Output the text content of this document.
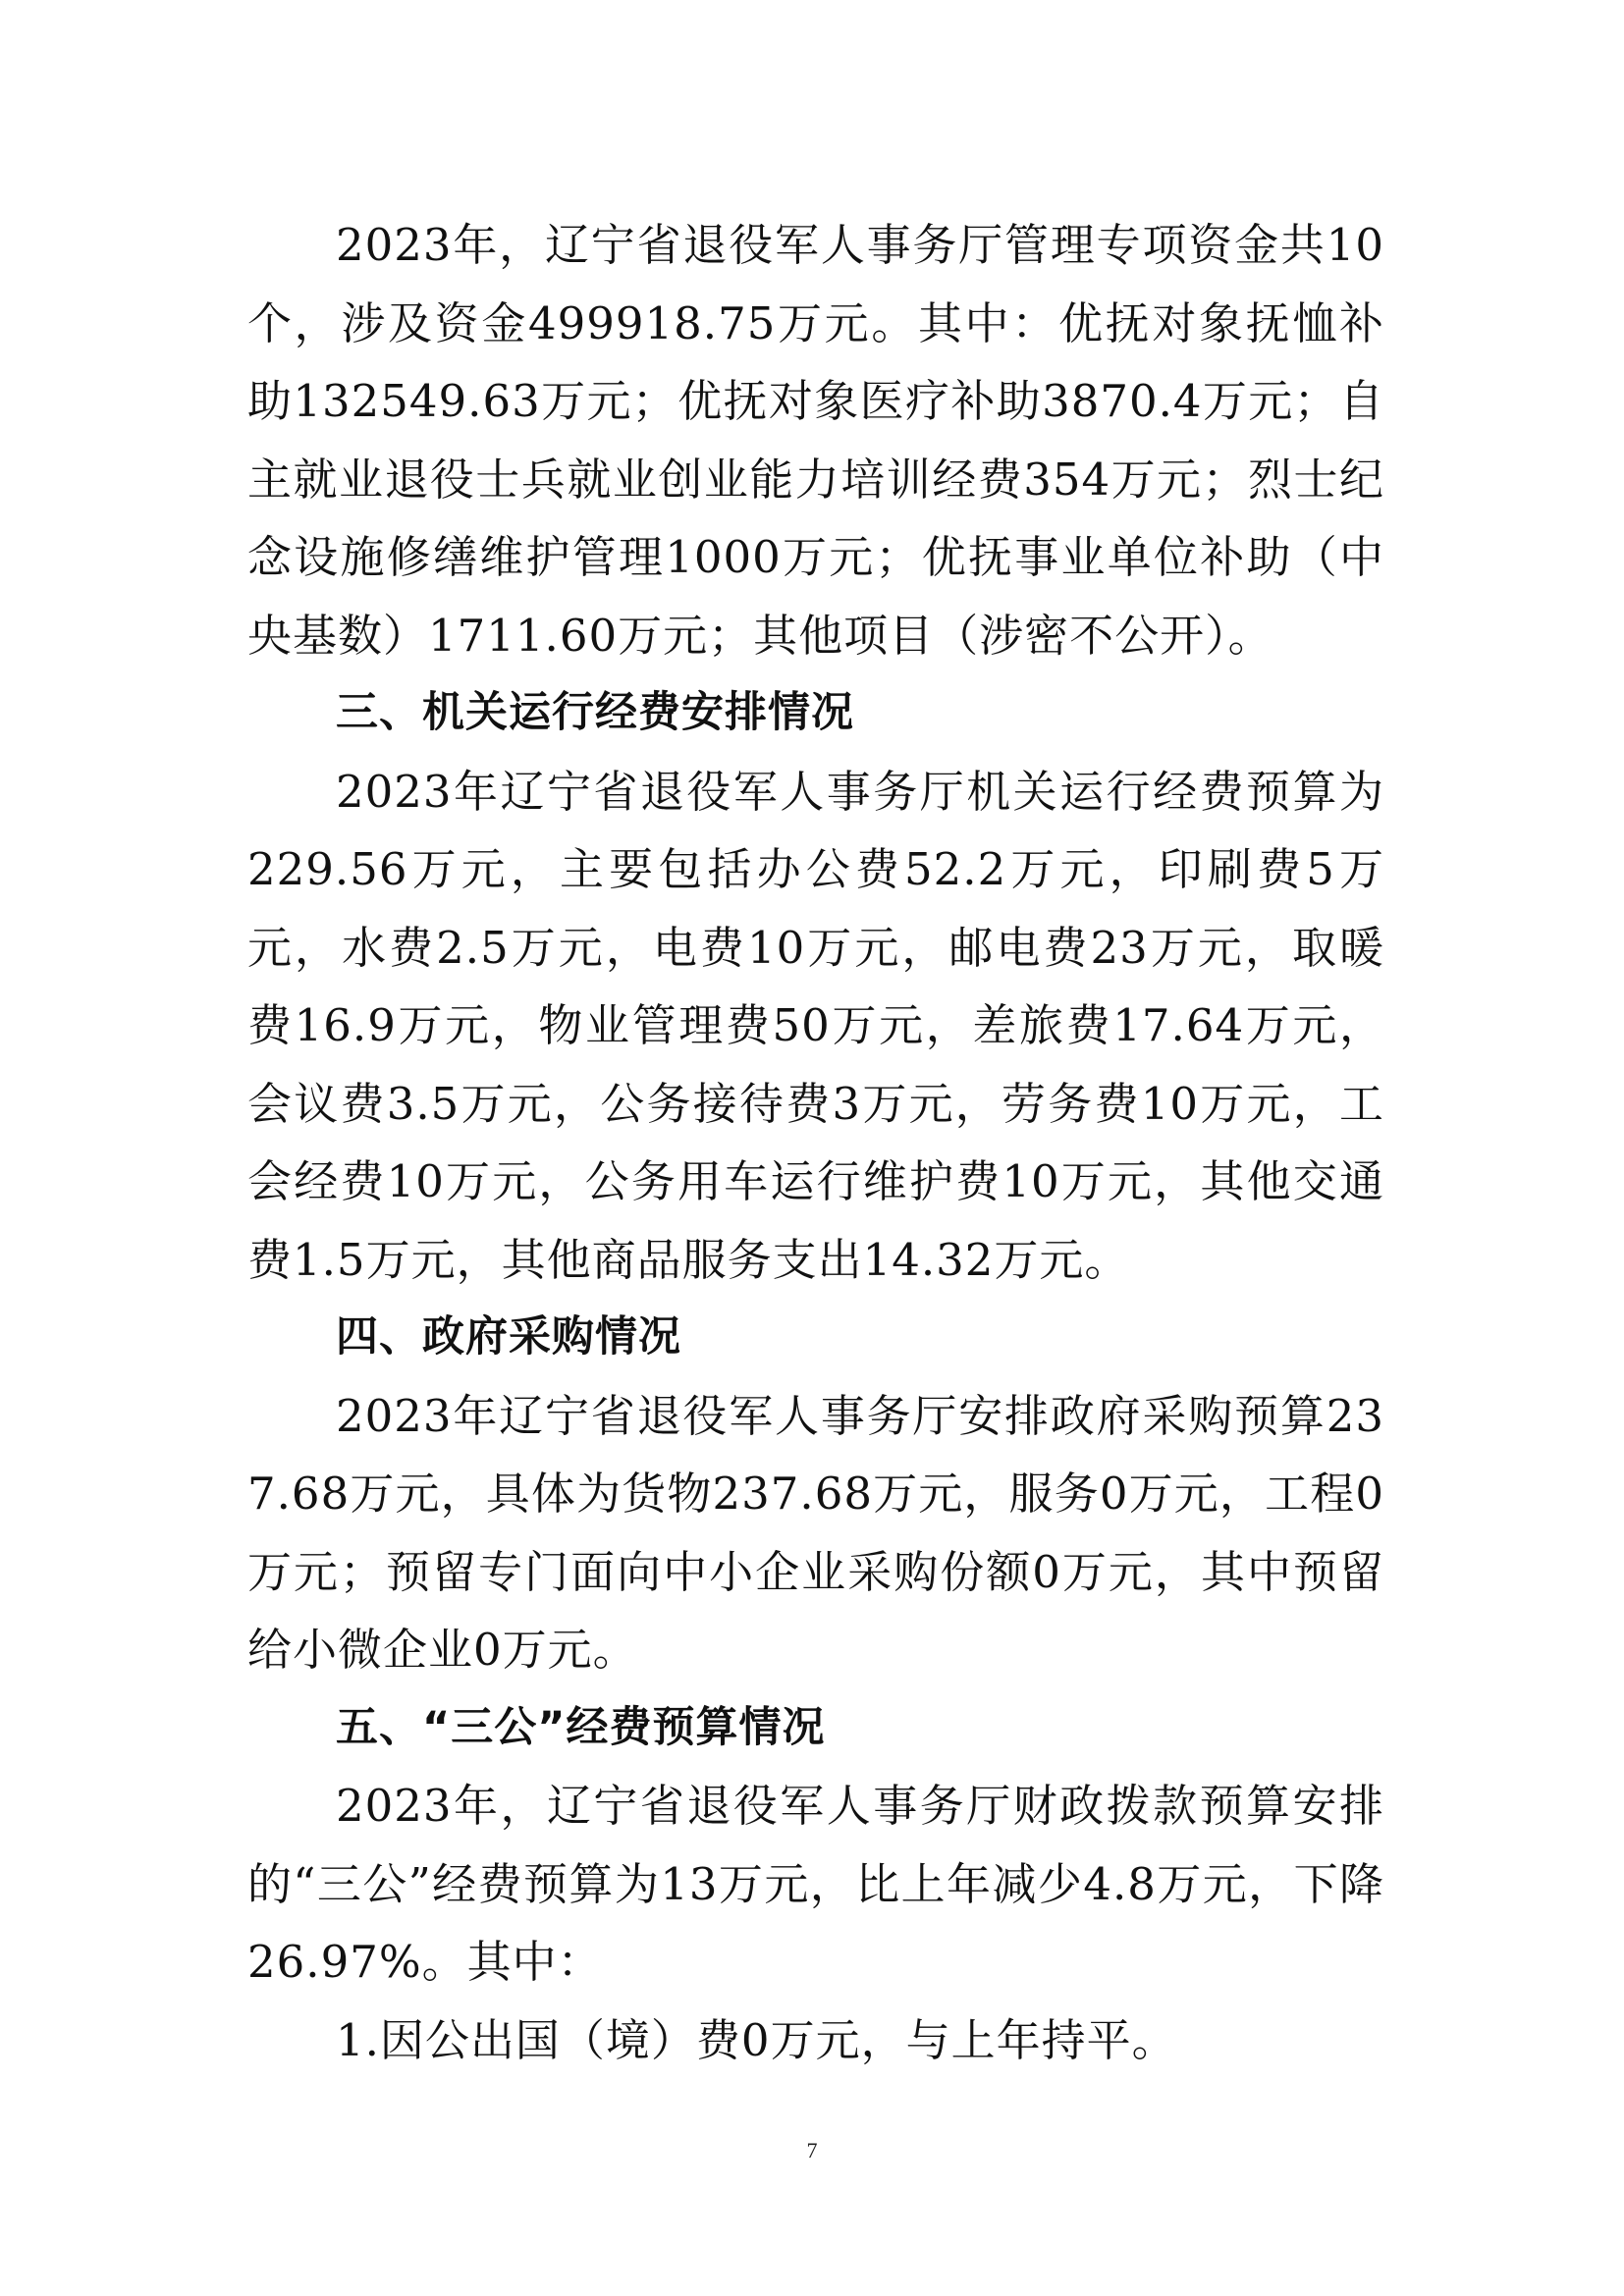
2023年，辽宁省退役军人事务厅管理专项资金共10个，涉及资金499918.75万元。其中：优抚对象抚恤补助132549.63万元；优抚对象医疗补助3870.4万元；自主就业退役士兵就业创业能力培训经费354万元；烈士纪念设施修缮维护管理1000万元；优抚事业单位补助（中央基数）1711.60万元；其他项目（涉密不公开）。

三、机关运行经费安排情况

2023年辽宁省退役军人事务厅机关运行经费预算为229.56万元，主要包括办公费52.2万元，印刷费5万元，水费2.5万元，电费10万元，邮电费23万元，取暖费16.9万元，物业管理费50万元，差旅费17.64万元，会议费3.5万元，公务接待费3万元，劳务费10万元，工会经费10万元，公务用车运行维护费10万元，其他交通费1.5万元，其他商品服务支出14.32万元。

四、政府采购情况

2023年辽宁省退役军人事务厅安排政府采购预算237.68万元，具体为货物237.68万元，服务0万元，工程0万元；预留专门面向中小企业采购份额0万元，其中预留给小微企业0万元。

五、“三公”经费预算情况

2023年，辽宁省退役军人事务厅财政拨款预算安排的“三公”经费预算为13万元，比上年减少4.8万元，下降26.97%。其中：

1.因公出国（境）费0万元，与上年持平。

7
